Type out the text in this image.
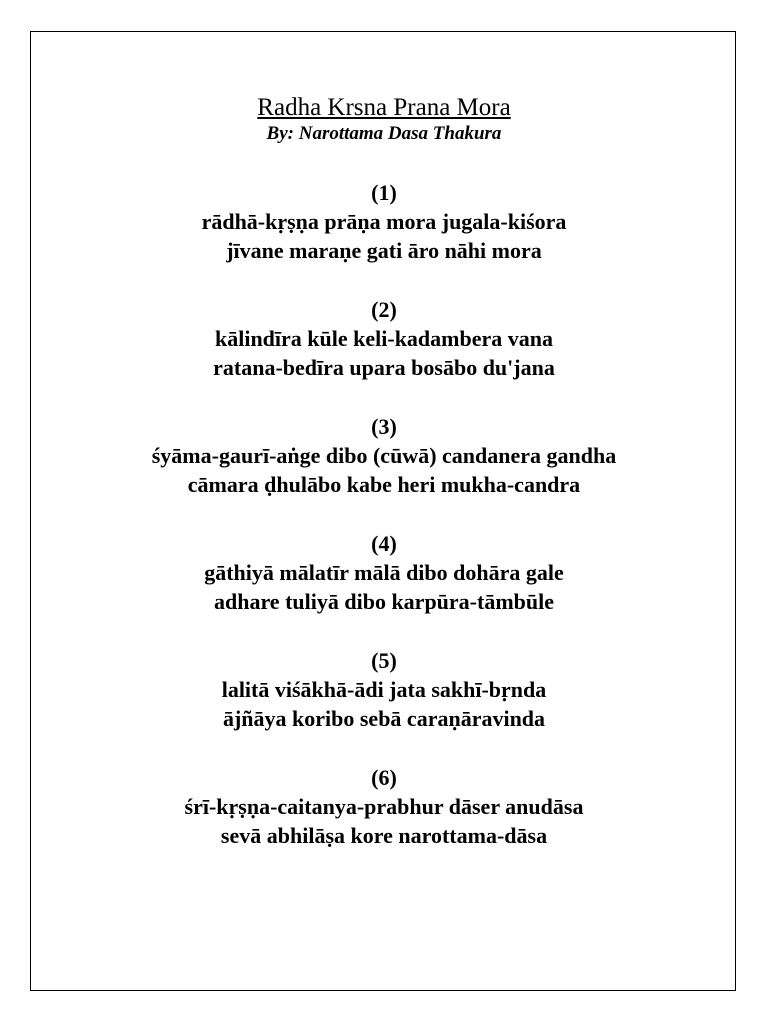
Radha Krsna Prana Mora
By: Narottama Dasa Thakura
(1)
rādhā-kṛṣṇa prāṇa mora jugala-kiśora
jīvane maraṇe gati āro nāhi mora
(2)
kālindīra kūle keli-kadambera vana
ratana-bedīra upara bosābo du'jana
(3)
śyāma-gaurī-aṅge dibo (cūwā) candanera gandha
cāmara ḍhulābo kabe heri mukha-candra
(4)
gāthiyā mālatīr mālā dibo dohāra gale
adhare tuliyā dibo karpūra-tāmbūle
(5)
lalitā viśākhā-ādi jata sakhī-bṛnda
ājñāya koribo sebā caraṇāravinda
(6)
śrī-kṛṣṇa-caitanya-prabhur dāser anudāsa
sevā abhilāṣa kore narottama-dāsa
